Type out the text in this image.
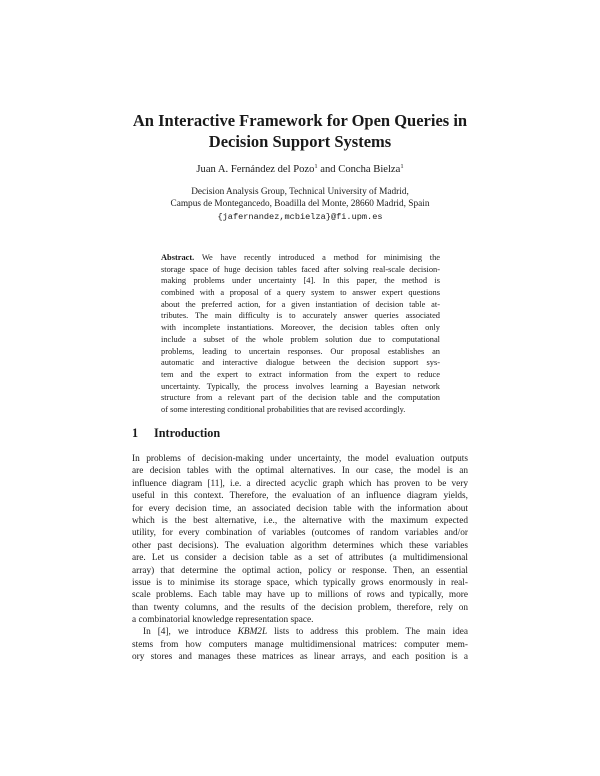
An Interactive Framework for Open Queries in
Decision Support Systems
Juan A. Fernández del Pozo$^1$ and Concha Bielza$^1$
Decision Analysis Group, Technical University of Madrid,
Campus de Montegancedo, Boadilla del Monte, 28660 Madrid, Spain
{jafernandez,mcbielza}@fi.upm.es
Abstract. We have recently introduced a method for minimising the
storage space of huge decision tables faced after solving real-scale decision-
making problems under uncertainty [4]. In this paper, the method is
combined with a proposal of a query system to answer expert questions
about the preferred action, for a given instantiation of decision table at-
tributes. The main difficulty is to accurately answer queries associated
with incomplete instantiations. Moreover, the decision tables often only
include a subset of the whole problem solution due to computational
problems, leading to uncertain responses. Our proposal establishes an
automatic and interactive dialogue between the decision support sys-
tem and the expert to extract information from the expert to reduce
uncertainty. Typically, the process involves learning a Bayesian network
structure from a relevant part of the decision table and the computation
of some interesting conditional probabilities that are revised accordingly.
1 Introduction
In problems of decision-making under uncertainty, the model evaluation outputs
are decision tables with the optimal alternatives. In our case, the model is an
influence diagram [11], i.e. a directed acyclic graph which has proven to be very
useful in this context. Therefore, the evaluation of an influence diagram yields,
for every decision time, an associated decision table with the information about
which is the best alternative, i.e., the alternative with the maximum expected
utility, for every combination of variables (outcomes of random variables and/or
other past decisions). The evaluation algorithm determines which these variables
are. Let us consider a decision table as a set of attributes (a multidimensional
array) that determine the optimal action, policy or response. Then, an essential
issue is to minimise its storage space, which typically grows enormously in real-
scale problems. Each table may have up to millions of rows and typically, more
than twenty columns, and the results of the decision problem, therefore, rely on
a combinatorial knowledge representation space.
In [4], we introduce KBM2L lists to address this problem. The main idea
stems from how computers manage multidimensional matrices: computer mem-
ory stores and manages these matrices as linear arrays, and each position is a
